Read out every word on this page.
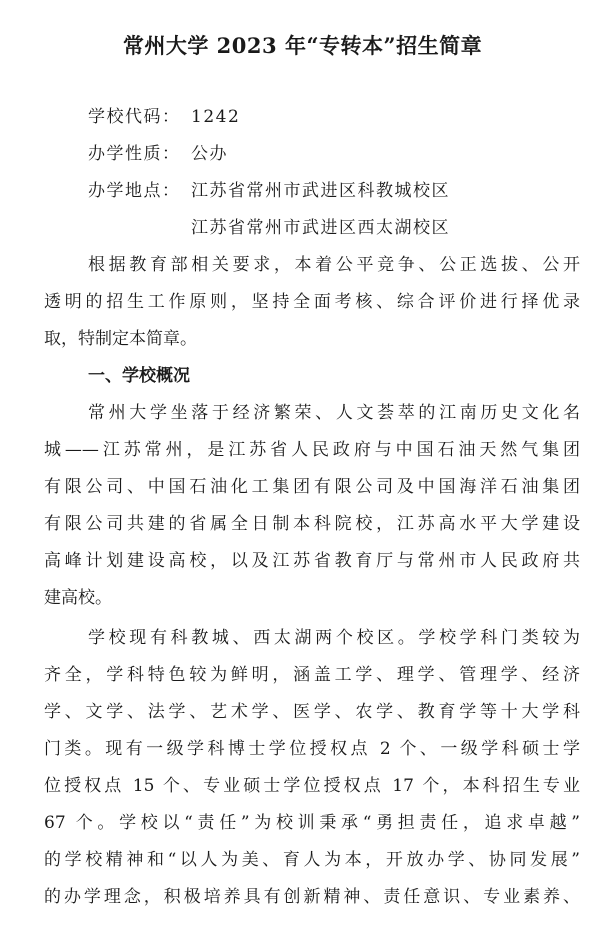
常州大学 2023 年“专转本”招生简章
学校代码： 1242
办学性质： 公办
办学地点： 江苏省常州市武进区科教城校区
江苏省常州市武进区西太湖校区
根据教育部相关要求，本着公平竞争、公正选拔、公开
透明的招生工作原则，坚持全面考核、综合评价进行择优录
取，特制定本简章。
一、学校概况
常州大学坐落于经济繁荣、人文荟萃的江南历史文化名
城——江苏常州，是江苏省人民政府与中国石油天然气集团
有限公司、中国石油化工集团有限公司及中国海洋石油集团
有限公司共建的省属全日制本科院校，江苏高水平大学建设
高峰计划建设高校，以及江苏省教育厅与常州市人民政府共
建高校。
学校现有科教城、西太湖两个校区。学校学科门类较为
齐全，学科特色较为鲜明，涵盖工学、理学、管理学、经济
学、文学、法学、艺术学、医学、农学、教育学等十大学科
门类。现有一级学科博士学位授权点 2 个、一级学科硕士学
位授权点 15 个、专业硕士学位授权点 17 个，本科招生专业
67 个。学校以“责任”为校训秉承“勇担责任，追求卓越”
的学校精神和“以人为美、育人为本，开放办学、协同发展”
的办学理念，积极培养具有创新精神、责任意识、专业素养、
